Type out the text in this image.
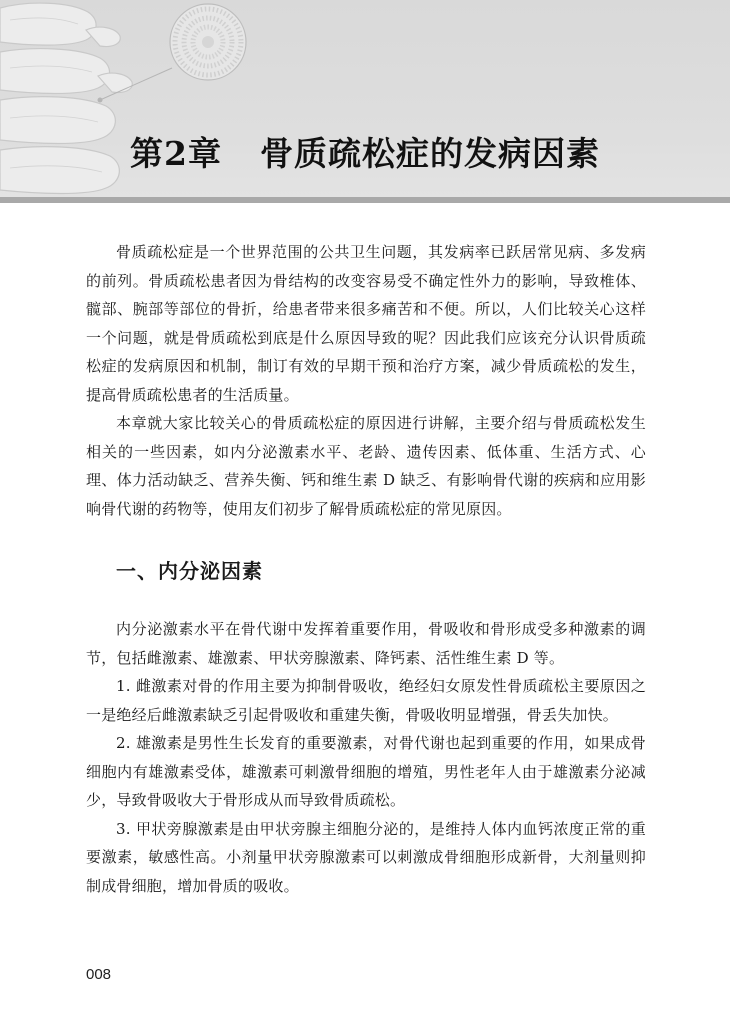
第2章 骨质疏松症的发病因素

骨质疏松症是一个世界范围的公共卫生问题，其发病率已跃居常见病、多发病的前列。骨质疏松患者因为骨结构的改变容易受不确定性外力的影响，导致椎体、髋部、腕部等部位的骨折，给患者带来很多痛苦和不便。所以，人们比较关心这样一个问题，就是骨质疏松到底是什么原因导致的呢？因此我们应该充分认识骨质疏松症的发病原因和机制，制订有效的早期干预和治疗方案，减少骨质疏松的发生，提高骨质疏松患者的生活质量。

本章就大家比较关心的骨质疏松症的原因进行讲解，主要介绍与骨质疏松发生相关的一些因素，如内分泌激素水平、老龄、遗传因素、低体重、生活方式、心理、体力活动缺乏、营养失衡、钙和维生素 D 缺乏、有影响骨代谢的疾病和应用影响骨代谢的药物等，使用友们初步了解骨质疏松症的常见原因。

一、内分泌因素

内分泌激素水平在骨代谢中发挥着重要作用，骨吸收和骨形成受多种激素的调节，包括雌激素、雄激素、甲状旁腺激素、降钙素、活性维生素 D 等。

1. 雌激素对骨的作用主要为抑制骨吸收，绝经妇女原发性骨质疏松主要原因之一是绝经后雌激素缺乏引起骨吸收和重建失衡，骨吸收明显增强，骨丢失加快。

2. 雄激素是男性生长发育的重要激素，对骨代谢也起到重要的作用，如果成骨细胞内有雄激素受体，雄激素可刺激骨细胞的增殖，男性老年人由于雄激素分泌减少，导致骨吸收大于骨形成从而导致骨质疏松。

3. 甲状旁腺激素是由甲状旁腺主细胞分泌的，是维持人体内血钙浓度正常的重要激素，敏感性高。小剂量甲状旁腺激素可以刺激成骨细胞形成新骨，大剂量则抑制成骨细胞，增加骨质的吸收。

008
